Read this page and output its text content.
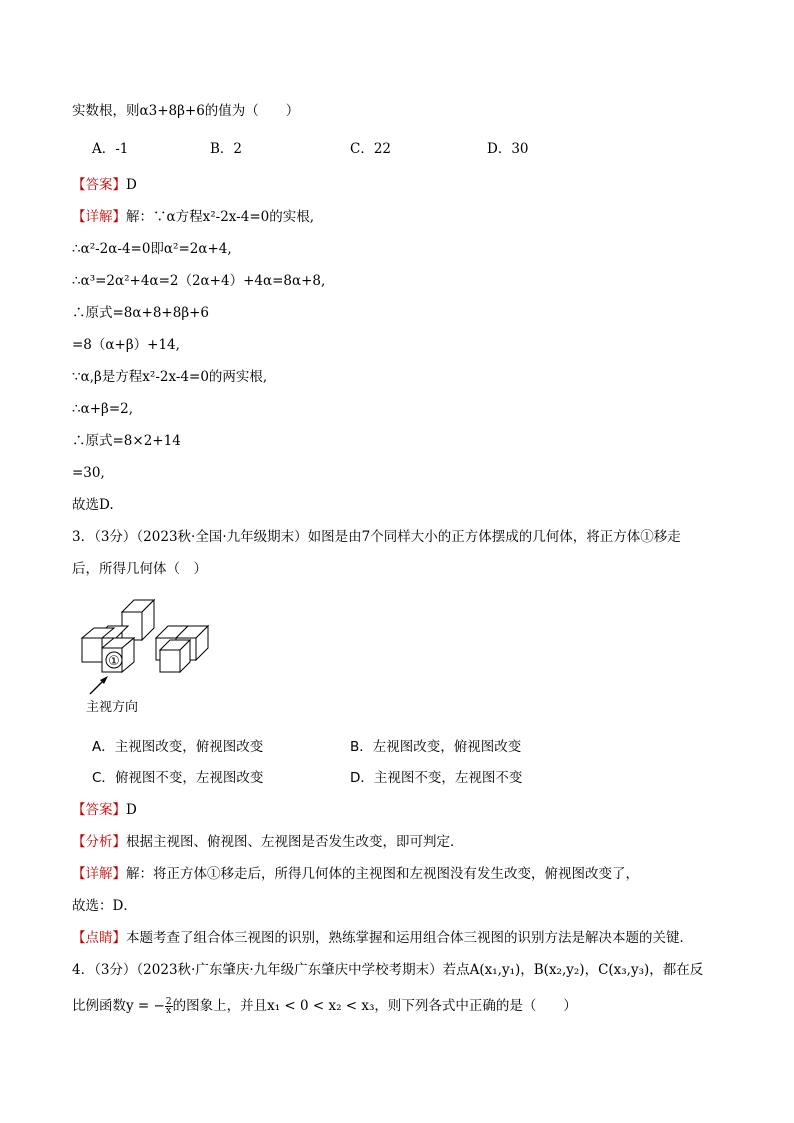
实数根，则α3+8β+6的值为（　　）
A．-1	B．2	C．22	D．30
【答案】D
【详解】解：∵α方程x²-2x-4=0的实根,
∴α²-2α-4=0即α²=2α+4,
∴α³=2α²+4α=2（2α+4）+4α=8α+8,
∴原式=8α+8+8β+6
=8（α+β）+14,
∵α,β是方程x²-2x-4=0的两实根,
∴α+β=2,
∴原式=8×2+14
=30,
故选D.
3．（3分）（2023秋·全国·九年级期末）如图是由7个同样大小的正方体摆成的几何体，将正方体①移走
后，所得几何体（　）
①
主视方向
A．主视图改变，俯视图改变	B．左视图改变，俯视图改变
C．俯视图不变，左视图改变	D．主视图不变，左视图不变
【答案】D
【分析】根据主视图、俯视图、左视图是否发生改变，即可判定．
【详解】解：将正方体①移走后，所得几何体的主视图和左视图没有发生改变，俯视图改变了，
故选：D．
【点睛】本题考查了组合体三视图的识别，熟练掌握和运用组合体三视图的识别方法是解决本题的关键．
4．（3分）（2023秋·广东肇庆·九年级广东肇庆中学校考期末）若点A(x₁,y₁)，B(x₂,y₂)，C(x₃,y₃)，都在反
比例函数y = − $\frac{2}{x}$ 的图象上，并且x₁ < 0 < x₂ < x₃，则下列各式中正确的是（　　）
